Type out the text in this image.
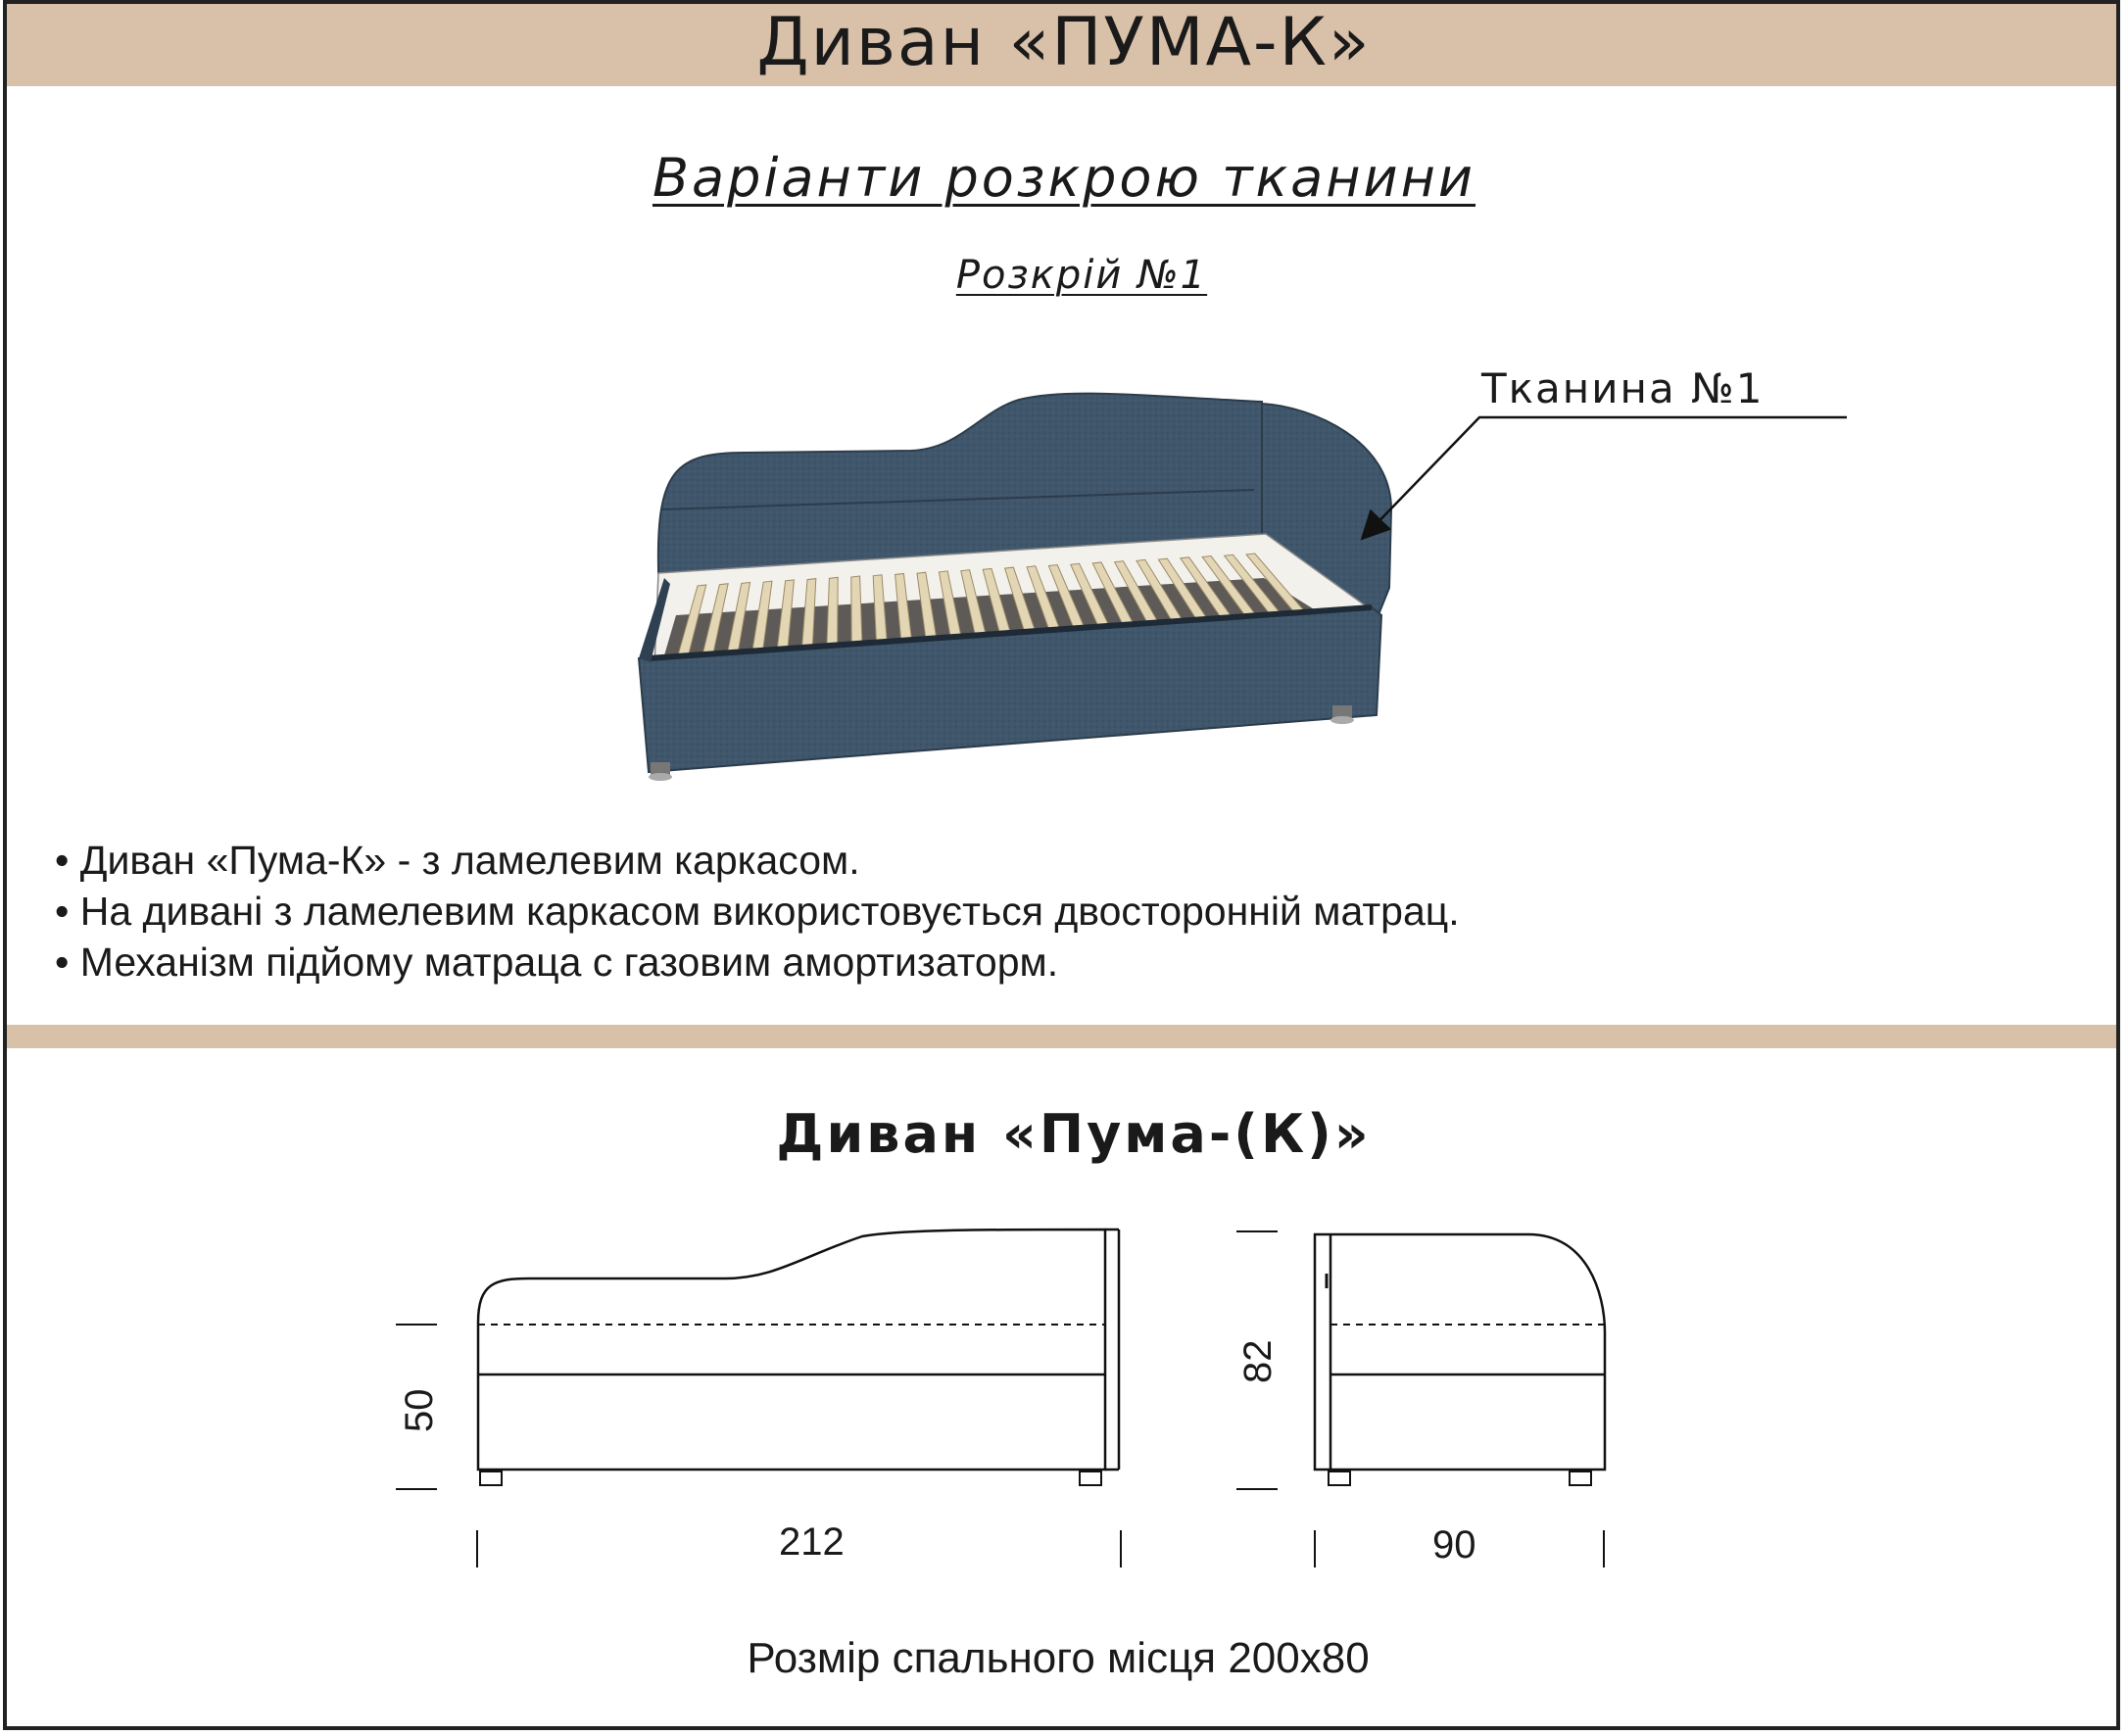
Диван «ПУМА-К»
Варіанти розкрою тканини
Розкрій №1
Тканина №1
• Диван «Пума-К» - з ламелевим каркасом.
• На дивані з ламелевим каркасом використовується двосторонній матрац.
• Механізм підйому матраца с газовим амортизаторм.
Диван «Пума-(К)»
50
82
212	90
Розмір спального місця 200х80
